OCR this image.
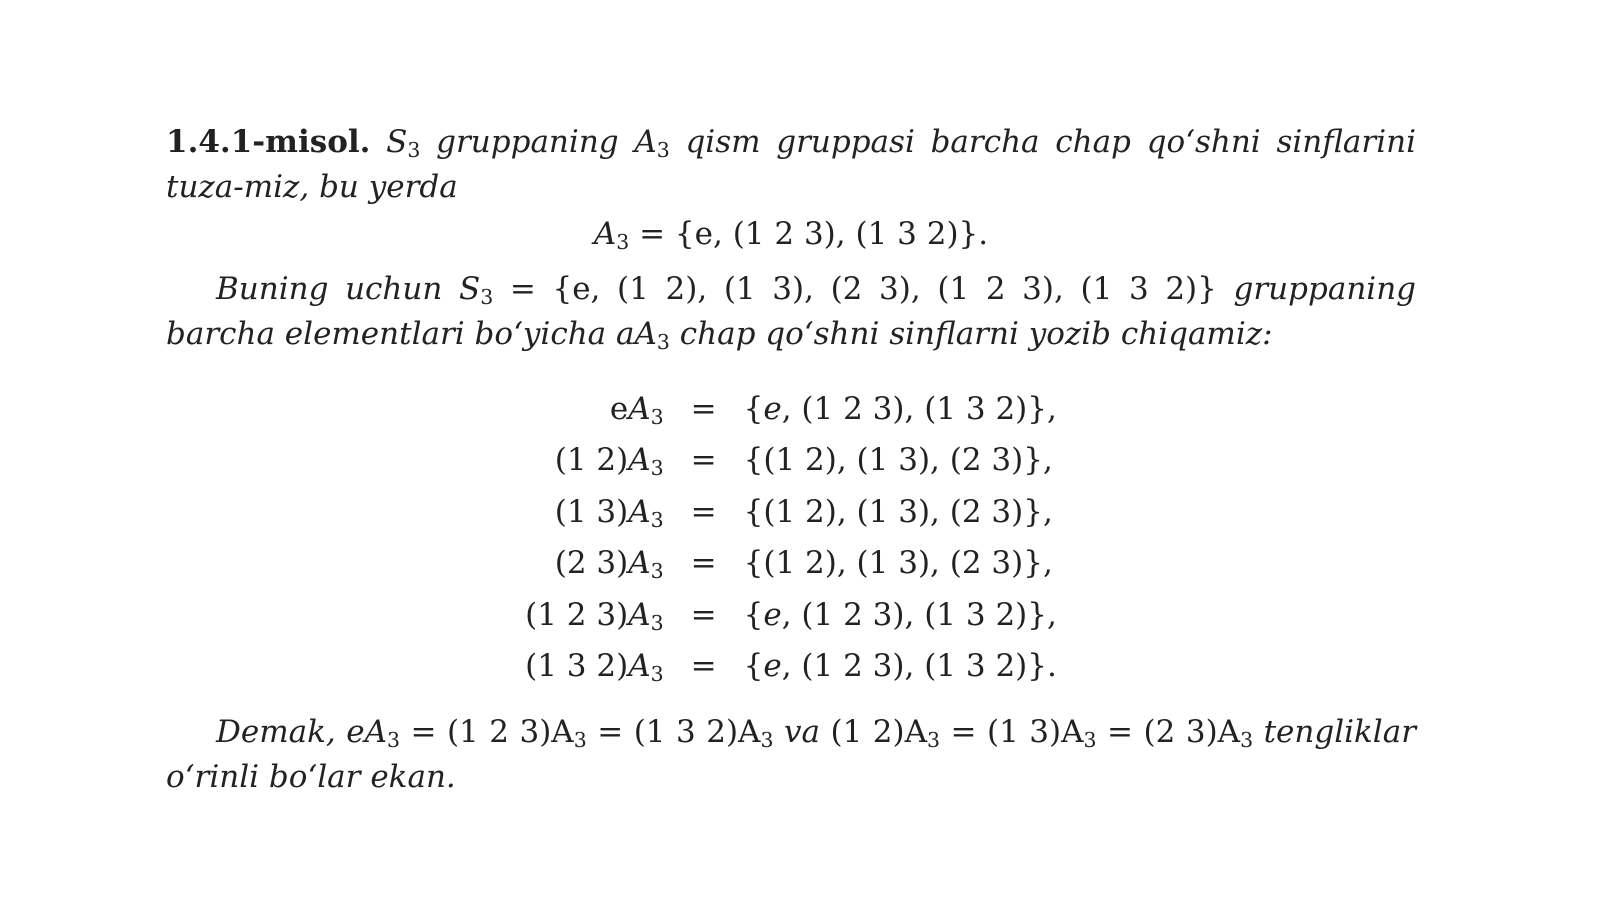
1.4.1-misol. $S_3$ gruppaning $A_3$ qism gruppasi barcha chap qo‘shni sinflarini tuza-miz, bu yerda

$A_3 = \{e$, (1 2 3), (1 3 2)}.

Buning uchun $S_3 = \{e$, (1 2), (1 3), (2 3), (1 2 3), (1 3 2)} gruppaning barcha elementlari bo‘yicha $aA_3$ chap qo‘shni sinflarni yozib chiqamiz:

$eA_3$	=	{e, (1 2 3), (1 3 2)},
(1 $2)A_3$	=	{(1 2), (1 3), (2 3)},
(1 $3)A_3$	=	{(1 2), (1 3), (2 3)},
(2 $3)A_3$	=	{(1 2), (1 3), (2 3)},
(1 2 $3)A_3$	=	{e, (1 2 3), (1 3 2)},
(1 3 $2)A_3$	=	{e, (1 2 3), (1 3 2)}.

Demak, $eA_3 = (1$ 2 $3)A_3 = (1$ 3 $2)A_3$ va (1 $2)A_3 = (1$ $3)A_3 = (2$ $3)A_3$ tengliklar o‘rinli bo‘lar ekan.
